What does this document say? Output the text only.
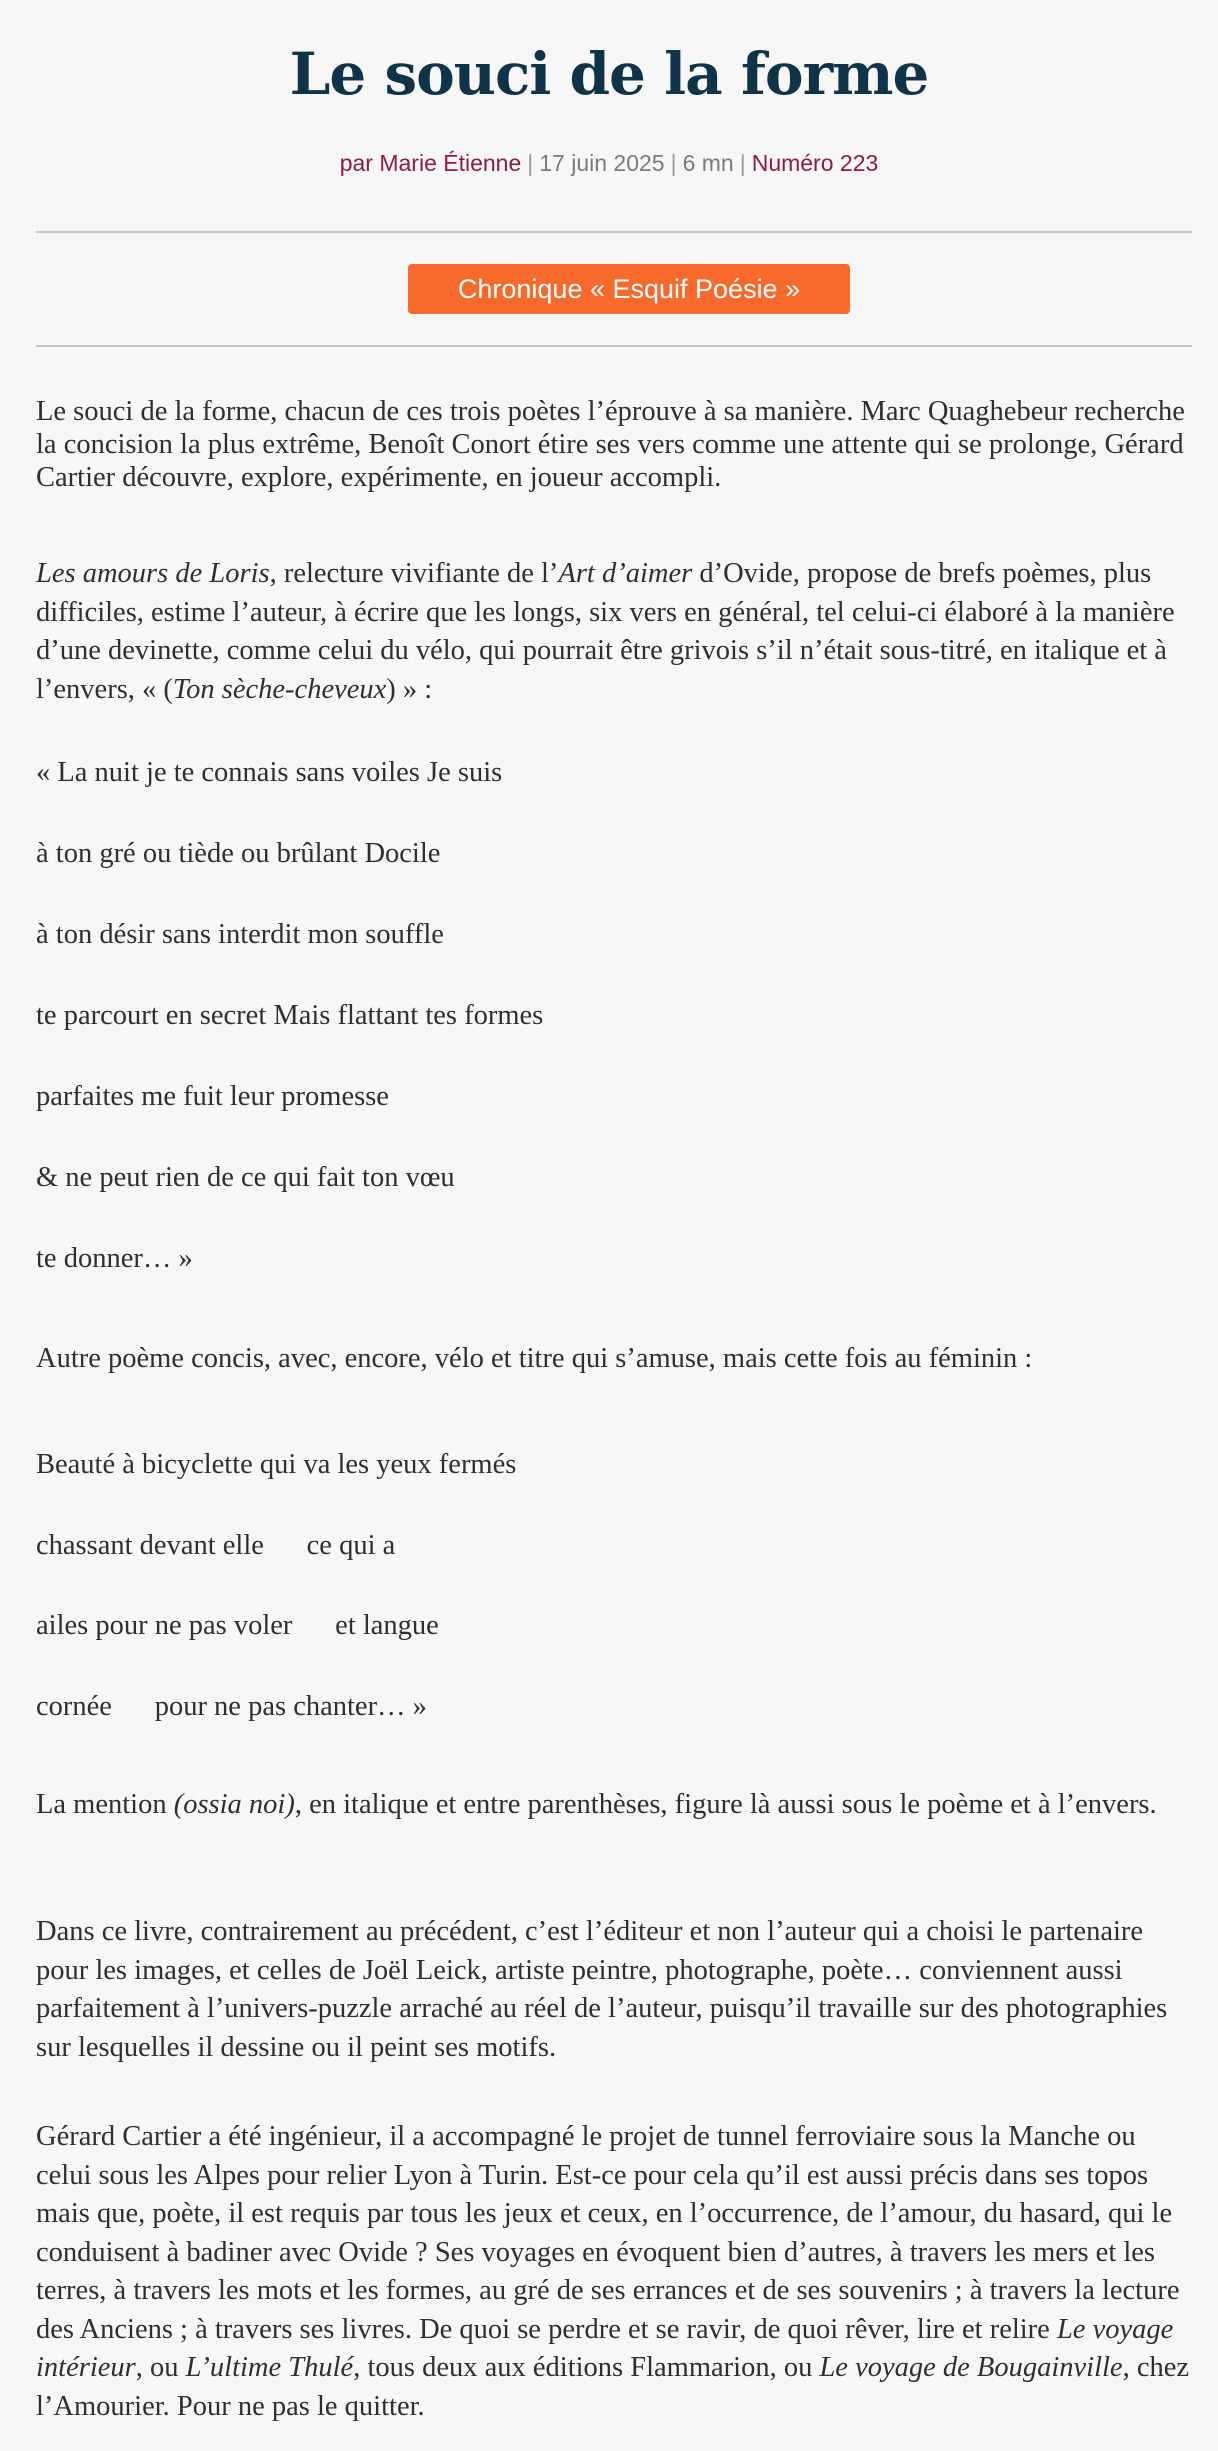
Le souci de la forme

par Marie Étienne | 17 juin 2025 | 6 mn | Numéro 223

Chronique « Esquif Poésie »

Le souci de la forme, chacun de ces trois poètes l’éprouve à sa manière. Marc Quaghebeur recherche la concision la plus extrême, Benoît Conort étire ses vers comme une attente qui se prolonge, Gérard Cartier découvre, explore, expérimente, en joueur accompli.

Les amours de Loris, relecture vivifiante de l’Art d’aimer d’Ovide, propose de brefs poèmes, plus difficiles, estime l’auteur, à écrire que les longs, six vers en général, tel celui-ci élaboré à la manière d’une devinette, comme celui du vélo, qui pourrait être grivois s’il n’était sous-titré, en italique et à l’envers, « (Ton sèche-cheveux) » :

« La nuit je te connais sans voiles Je suis

à ton gré ou tiède ou brûlant Docile

à ton désir sans interdit mon souffle

te parcourt en secret Mais flattant tes formes

parfaites me fuit leur promesse

& ne peut rien de ce qui fait ton vœu

te donner… »

Autre poème concis, avec, encore, vélo et titre qui s’amuse, mais cette fois au féminin :

Beauté à bicyclette qui va les yeux fermés

chassant devant elle      ce qui a

ailes pour ne pas voler      et langue

cornée      pour ne pas chanter… »

La mention (ossia noi), en italique et entre parenthèses, figure là aussi sous le poème et à l’envers.

Dans ce livre, contrairement au précédent, c’est l’éditeur et non l’auteur qui a choisi le partenaire pour les images, et celles de Joël Leick, artiste peintre, photographe, poète… conviennent aussi parfaitement à l’univers-puzzle arraché au réel de l’auteur, puisqu’il travaille sur des photographies sur lesquelles il dessine ou il peint ses motifs.

Gérard Cartier a été ingénieur, il a accompagné le projet de tunnel ferroviaire sous la Manche ou celui sous les Alpes pour relier Lyon à Turin. Est-ce pour cela qu’il est aussi précis dans ses topos mais que, poète, il est requis par tous les jeux et ceux, en l’occurrence, de l’amour, du hasard, qui le conduisent à badiner avec Ovide ? Ses voyages en évoquent bien d’autres, à travers les mers et les terres, à travers les mots et les formes, au gré de ses errances et de ses souvenirs ; à travers la lecture des Anciens ; à travers ses livres. De quoi se perdre et se ravir, de quoi rêver, lire et relire Le voyage intérieur, ou L’ultime Thulé, tous deux aux éditions Flammarion, ou Le voyage de Bougainville, chez l’Amourier. Pour ne pas le quitter.
